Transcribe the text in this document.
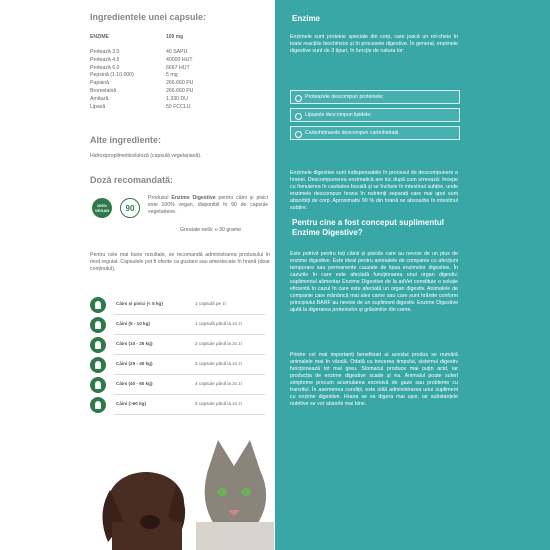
Ingredientele unei capsule:
ENZIME	100 mg
Protează 3.0	40 SAPU
Protează 4.5	40000 HUT
Protează 6.0	6667 HUT
Pepsină (1:10.000)	5 mg
Papaină	266.660 PU
Bromelaină	266.660 PU
Amilază	1.330 DU
Lipază	50 FCCLU
Alte ingrediente:
Hidroxipropilmetilceluloză (capsulă vegetariană).
Doză recomandată:
100%
VEGAN 90
Produsul Enzime Digestive pentru câini și pisici este 100% vegan, disponibil în 90 de capsule vegetariene.
Greutate netă: ℮ 30 grame
Pentru cele mai bune rezultate, se recomandă administrarea produsului în mod regulat. Capsulele pot fi oferite ca gustare sau amestecate în hrană (doar conținutul).
Câini și pisici (< 5 kg)	1 capsulă pe zi
Câini (5 - 10 kg)	1 capsulă până la 2x zi
Câini (10 - 25 kg)	2 capsule până la 2x zi
Câini (25 - 40 kg)	3 capsule până la 2x zi
Câini (40 - 60 kg)	4 capsule până la 2x zi
Câini (>60 kg)	5 capsule până la 2x zi
Enzime
Enzimele sunt proteine speciale din corp, care joacă un rol-cheie în toate reacțiile biochimice și în procesele digestive. În general, enzimele digestive sunt de 3 tipuri, în funcție de natura lor:
Proteazele descompun proteinele;
Lipazele descompun lipidele;
Carbohidrazele descompun carbohidrații.
Enzimele digestive sunt indispensabile în procesul de descompunere a hranei. Descompunerea enzimatică are loc după cum urmează: începe cu înmuierea în cavitatea bucală și se încheie în intestinul subțire, unde enzimele descompun hrana în nutrienți separați care mai apoi sunt absorbiți de corp. Aproximativ 90 % din hrană se absoarbe în intestinul subțire.
Pentru cine a fost conceput suplimentul Enzime Digestive?
Este potrivit pentru toți câinii și pisicile care au nevoie de un plus de enzime digestive. Este ideal pentru animalele de companie cu afecțiuni temporare sau permanente cauzate de lipsa enzimelor digestive. În cazurile în care este afectată funcționarea unui organ digestiv, suplimentul alimentar Enzime Digestive de la adVet constituie o soluție eficientă în cazul în care este afectată un organ digestiv. Animalele de companie care mănâncă mai ales carne sau care sunt hrănite conform principiului BARF au nevoie de un supliment digestiv. Enzime Digestive ajută la digerarea proteinelor și grăsimilor din carne.
Printre cei mai importanți beneficiari ai acestui produs se numără animalele mai în vârstă. Odată cu trecerea timpului, sistemul digestiv funcționează tot mai greu. Stomacul produce mai puțin acid, iar producția de enzime digestive scade și ea. Animalul poate suferi simptome precum acumularea excesivă de gaze sau probleme cu tranzitul. În asemenea condiții, este utilă administrarea unui supliment cu enzime digestive. Hrana se va digera mai ușor, iar substanțele nutritive se vor absorbi mai bine.
